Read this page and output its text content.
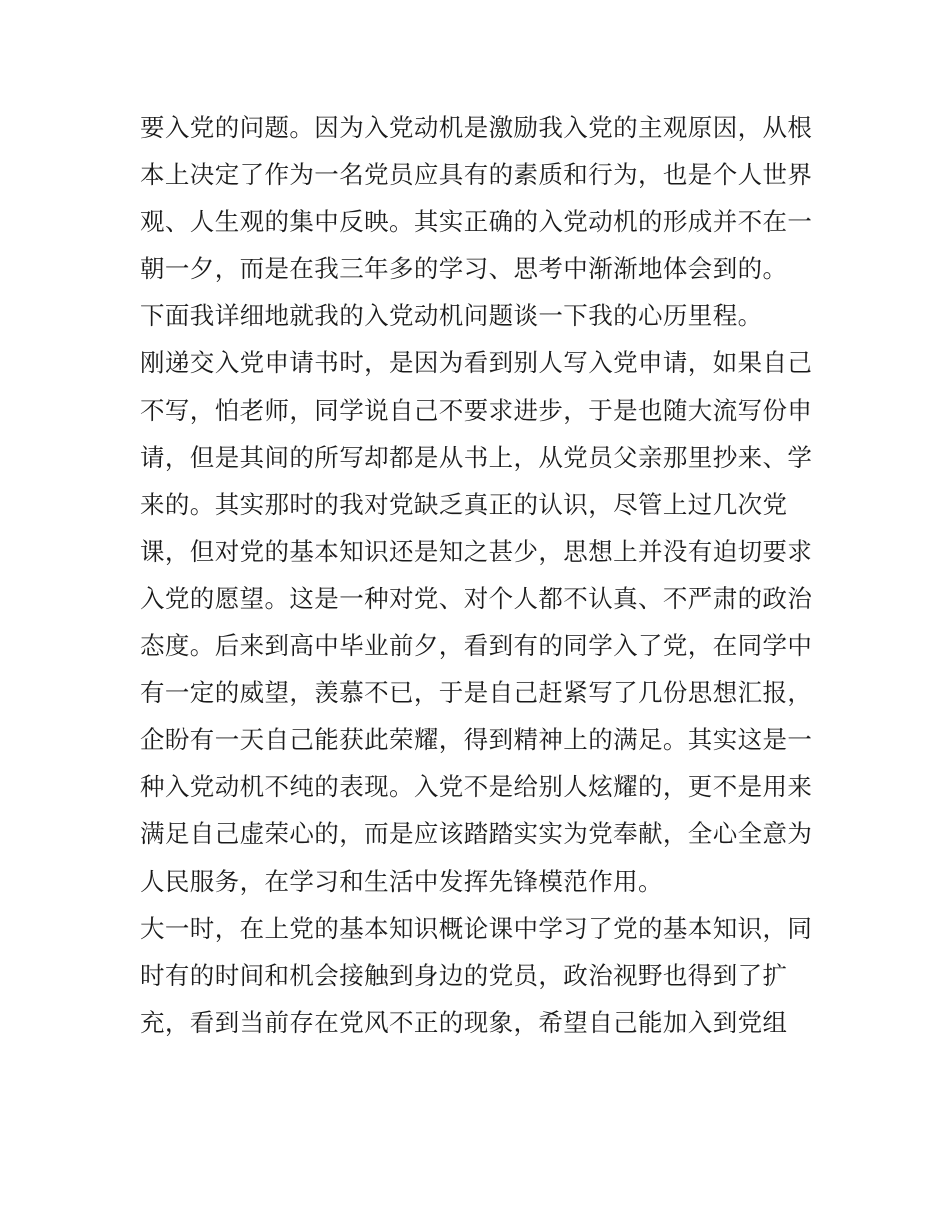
要入党的问题。因为入党动机是激励我入党的主观原因，从根
本上决定了作为一名党员应具有的素质和行为，也是个人世界
观、人生观的集中反映。其实正确的入党动机的形成并不在一
朝一夕，而是在我三年多的学习、思考中渐渐地体会到的。
下面我详细地就我的入党动机问题谈一下我的心历里程。
刚递交入党申请书时，是因为看到别人写入党申请，如果自己
不写，怕老师，同学说自己不要求进步，于是也随大流写份申
请，但是其间的所写却都是从书上，从党员父亲那里抄来、学
来的。其实那时的我对党缺乏真正的认识，尽管上过几次党
课，但对党的基本知识还是知之甚少，思想上并没有迫切要求
入党的愿望。这是一种对党、对个人都不认真、不严肃的政治
态度。后来到高中毕业前夕，看到有的同学入了党，在同学中
有一定的威望，羡慕不已，于是自己赶紧写了几份思想汇报，
企盼有一天自己能获此荣耀，得到精神上的满足。其实这是一
种入党动机不纯的表现。入党不是给别人炫耀的，更不是用来
满足自己虚荣心的，而是应该踏踏实实为党奉献，全心全意为
人民服务，在学习和生活中发挥先锋模范作用。
大一时，在上党的基本知识概论课中学习了党的基本知识，同
时有的时间和机会接触到身边的党员，政治视野也得到了扩
充，看到当前存在党风不正的现象，希望自己能加入到党组
